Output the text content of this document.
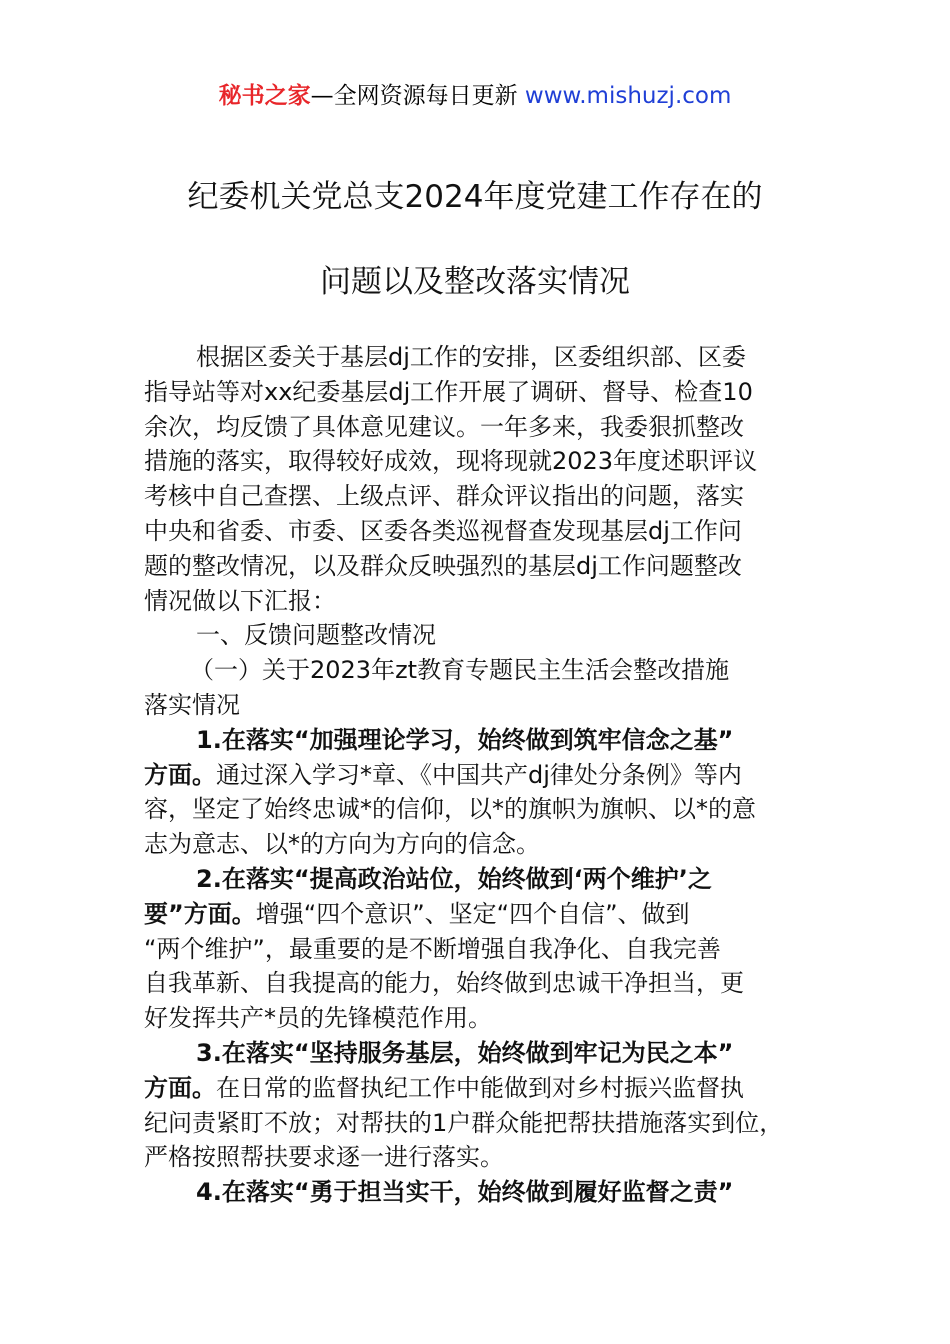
秘书之家—全网资源每日更新 www.mishuzj.com
纪委机关党总支2024年度党建工作存在的
问题以及整改落实情况
根据区委关于基层dj工作的安排，区委组织部、区委
指导站等对xx纪委基层dj工作开展了调研、督导、检查10
余次，均反馈了具体意见建议。一年多来，我委狠抓整改
措施的落实，取得较好成效，现将现就2023年度述职评议
考核中自己查摆、上级点评、群众评议指出的问题，落实
中央和省委、市委、区委各类巡视督查发现基层dj工作问
题的整改情况，以及群众反映强烈的基层dj工作问题整改
情况做以下汇报：
一、反馈问题整改情况
（一）关于2023年zt教育专题民主生活会整改措施
落实情况
1.在落实“加强理论学习，始终做到筑牢信念之基”
方面。通过深入学习*章、《中国共产dj律处分条例》等内
容，坚定了始终忠诚*的信仰，以*的旗帜为旗帜、以*的意
志为意志、以*的方向为方向的信念。
2.在落实“提高政治站位，始终做到‘两个维护’之
要”方面。增强“四个意识”、坚定“四个自信”、做到
“两个维护”，最重要的是不断增强自我净化、自我完善
自我革新、自我提高的能力，始终做到忠诚干净担当，更
好发挥共产*员的先锋模范作用。
3.在落实“坚持服务基层，始终做到牢记为民之本”
方面。在日常的监督执纪工作中能做到对乡村振兴监督执
纪问责紧盯不放；对帮扶的1户群众能把帮扶措施落实到位，
严格按照帮扶要求逐一进行落实。
4.在落实“勇于担当实干，始终做到履好监督之责”
